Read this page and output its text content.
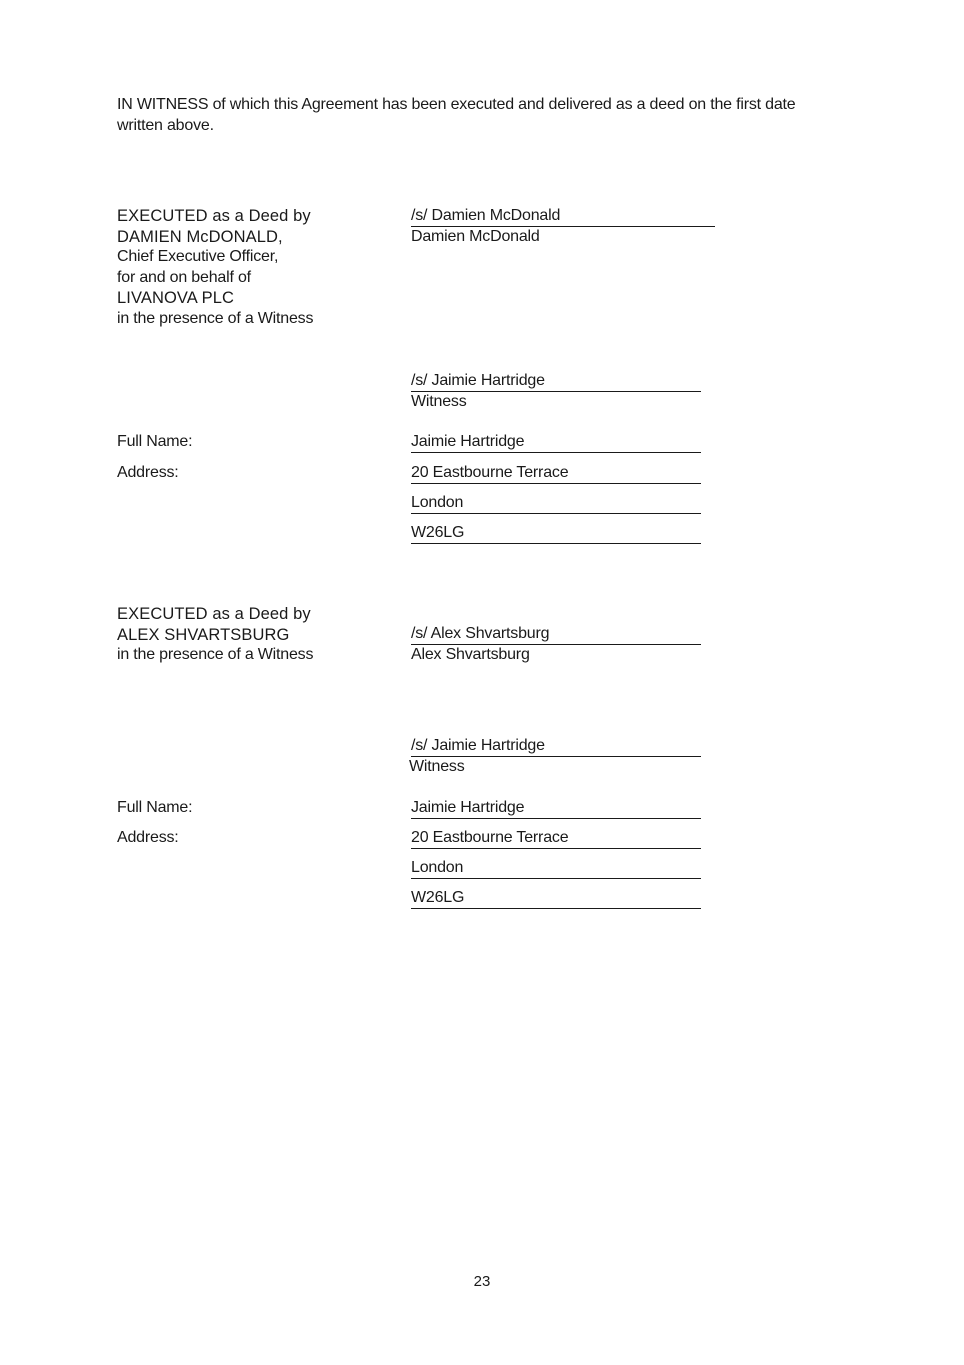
IN WITNESS of which this Agreement has been executed and delivered as a deed on the first date written above.
EXECUTED as a Deed by
DAMIEN McDONALD,
Chief Executive Officer,
for and on behalf of
LIVANOVA PLC
in the presence of a Witness
/s/ Damien McDonald
Damien McDonald
/s/ Jaimie Hartridge
Witness
Full Name:	Jaimie Hartridge
Address:	20 Eastbourne Terrace
London
W26LG
EXECUTED as a Deed by
ALEX SHVARTSBURG
in the presence of a Witness
/s/ Alex Shvartsburg
Alex Shvartsburg
/s/ Jaimie Hartridge
Witness
Full Name:	Jaimie Hartridge
Address:	20 Eastbourne Terrace
London
W26LG
23
